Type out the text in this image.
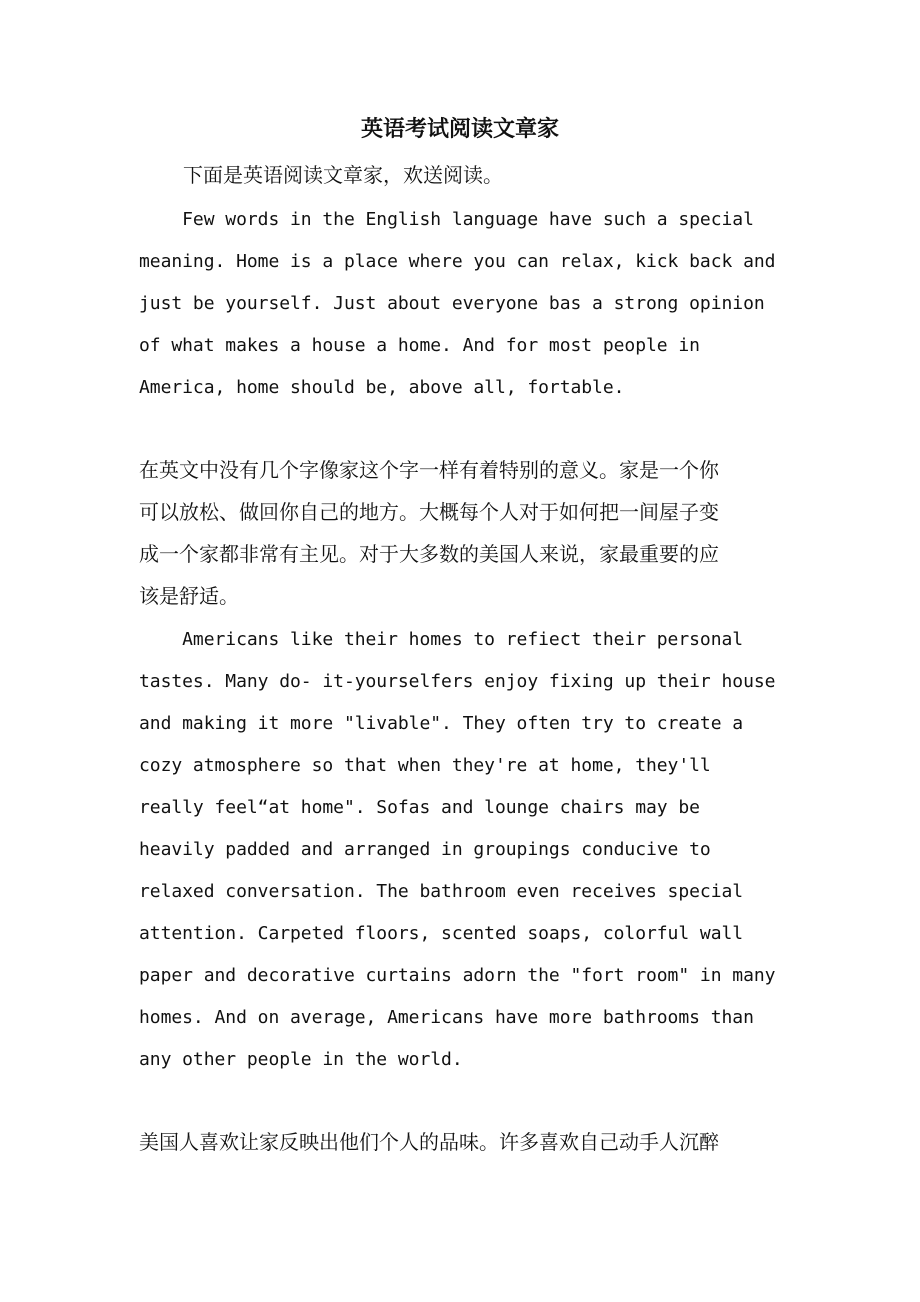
英语考试阅读文章家
下面是英语阅读文章家，欢送阅读。
Few words in the English language have such a special
meaning. Home is a place where you can relax, kick back and
just be yourself. Just about everyone bas a strong opinion
of what makes a house a home. And for most people in
America, home should be, above all, fortable.
在英文中没有几个字像家这个字一样有着特别的意义。家是一个你
可以放松、做回你自己的地方。大概每个人对于如何把一间屋子变
成一个家都非常有主见。对于大多数的美国人来说，家最重要的应
该是舒适。
Americans like their homes to refiect their personal
tastes. Many do- it-yourselfers enjoy fixing up their house
and making it more "livable". They often try to create a
cozy atmosphere so that when they're at home, they'll
really feel“at home". Sofas and lounge chairs may be
heavily padded and arranged in groupings conducive to
relaxed conversation. The bathroom even receives special
attention. Carpeted floors, scented soaps, colorful wall
paper and decorative curtains adorn the "fort room" in many
homes. And on average, Americans have more bathrooms than
any other people in the world.
美国人喜欢让家反映出他们个人的品味。许多喜欢自己动手人沉醉
